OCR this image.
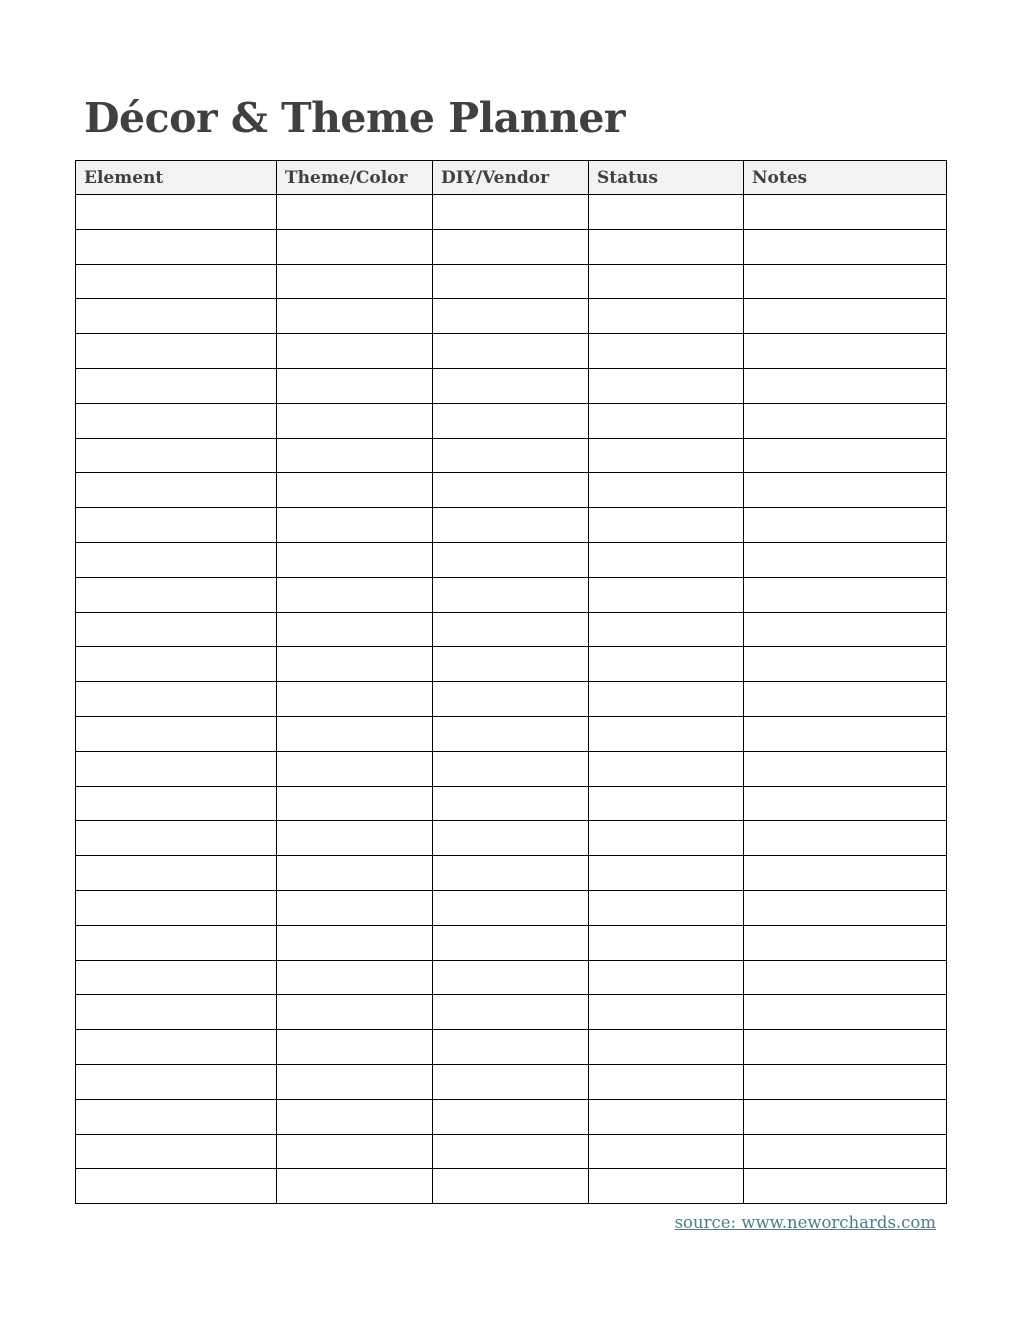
Décor & Theme Planner
Element	Theme/Color	DIY/Vendor	Status	Notes

source: www.neworchards.com
